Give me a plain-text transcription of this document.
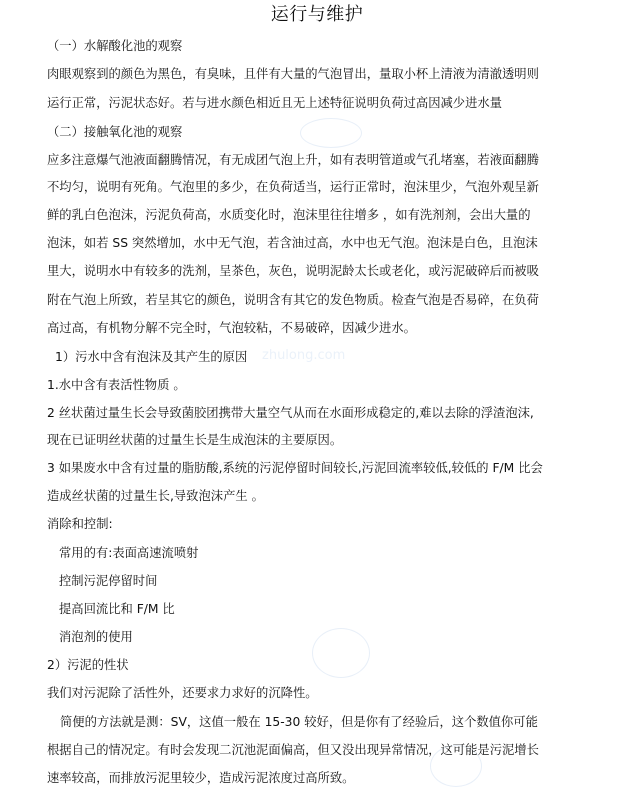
zhulong.com
运行与维护
（一）水解酸化池的观察
肉眼观察到的颜色为黑色，有臭味，且伴有大量的气泡冒出，量取小杯上清液为清澈透明则
运行正常，污泥状态好。若与进水颜色相近且无上述特征说明负荷过高因减少进水量
（二）接触氧化池的观察
应多注意爆气池液面翻腾情况，有无成团气泡上升，如有表明管道或气孔堵塞，若液面翻腾
不均匀，说明有死角。气泡里的多少，在负荷适当，运行正常时，泡沫里少，气泡外观呈新
鲜的乳白色泡沫，污泥负荷高，水质变化时，泡沫里往往增多 ，如有洗剂剂，会出大量的
泡沫，如若 SS 突然增加，水中无气泡，若含油过高，水中也无气泡。泡沫是白色，且泡沫
里大，说明水中有较多的洗剂，呈茶色，灰色，说明泥龄太长或老化，或污泥破碎后而被吸
附在气泡上所致，若呈其它的颜色，说明含有其它的发色物质。检查气泡是否易碎，在负荷
高过高，有机物分解不完全时，气泡较粘，不易破碎，因减少进水。
1）污水中含有泡沫及其产生的原因
1.水中含有表活性物质 。
2 丝状菌过量生长会导致菌胶团携带大量空气从而在水面形成稳定的,难以去除的浮渣泡沫,
现在已证明丝状菌的过量生长是生成泡沫的主要原因。
3 如果废水中含有过量的脂肪酸,系统的污泥停留时间较长,污泥回流率较低,较低的 F/M 比会
造成丝状菌的过量生长,导致泡沫产生 。
消除和控制:
常用的有:表面高速流喷射
控制污泥停留时间
提高回流比和 F/M 比
消泡剂的使用
2）污泥的性状
我们对污泥除了活性外，还要求力求好的沉降性。
简便的方法就是测：SV，这值一般在 15-30 较好，但是你有了经验后，这个数值你可能
根据自己的情况定。有时会发现二沉池泥面偏高，但又没出现异常情况，这可能是污泥增长
速率较高，而排放污泥里较少，造成污泥浓度过高所致。
